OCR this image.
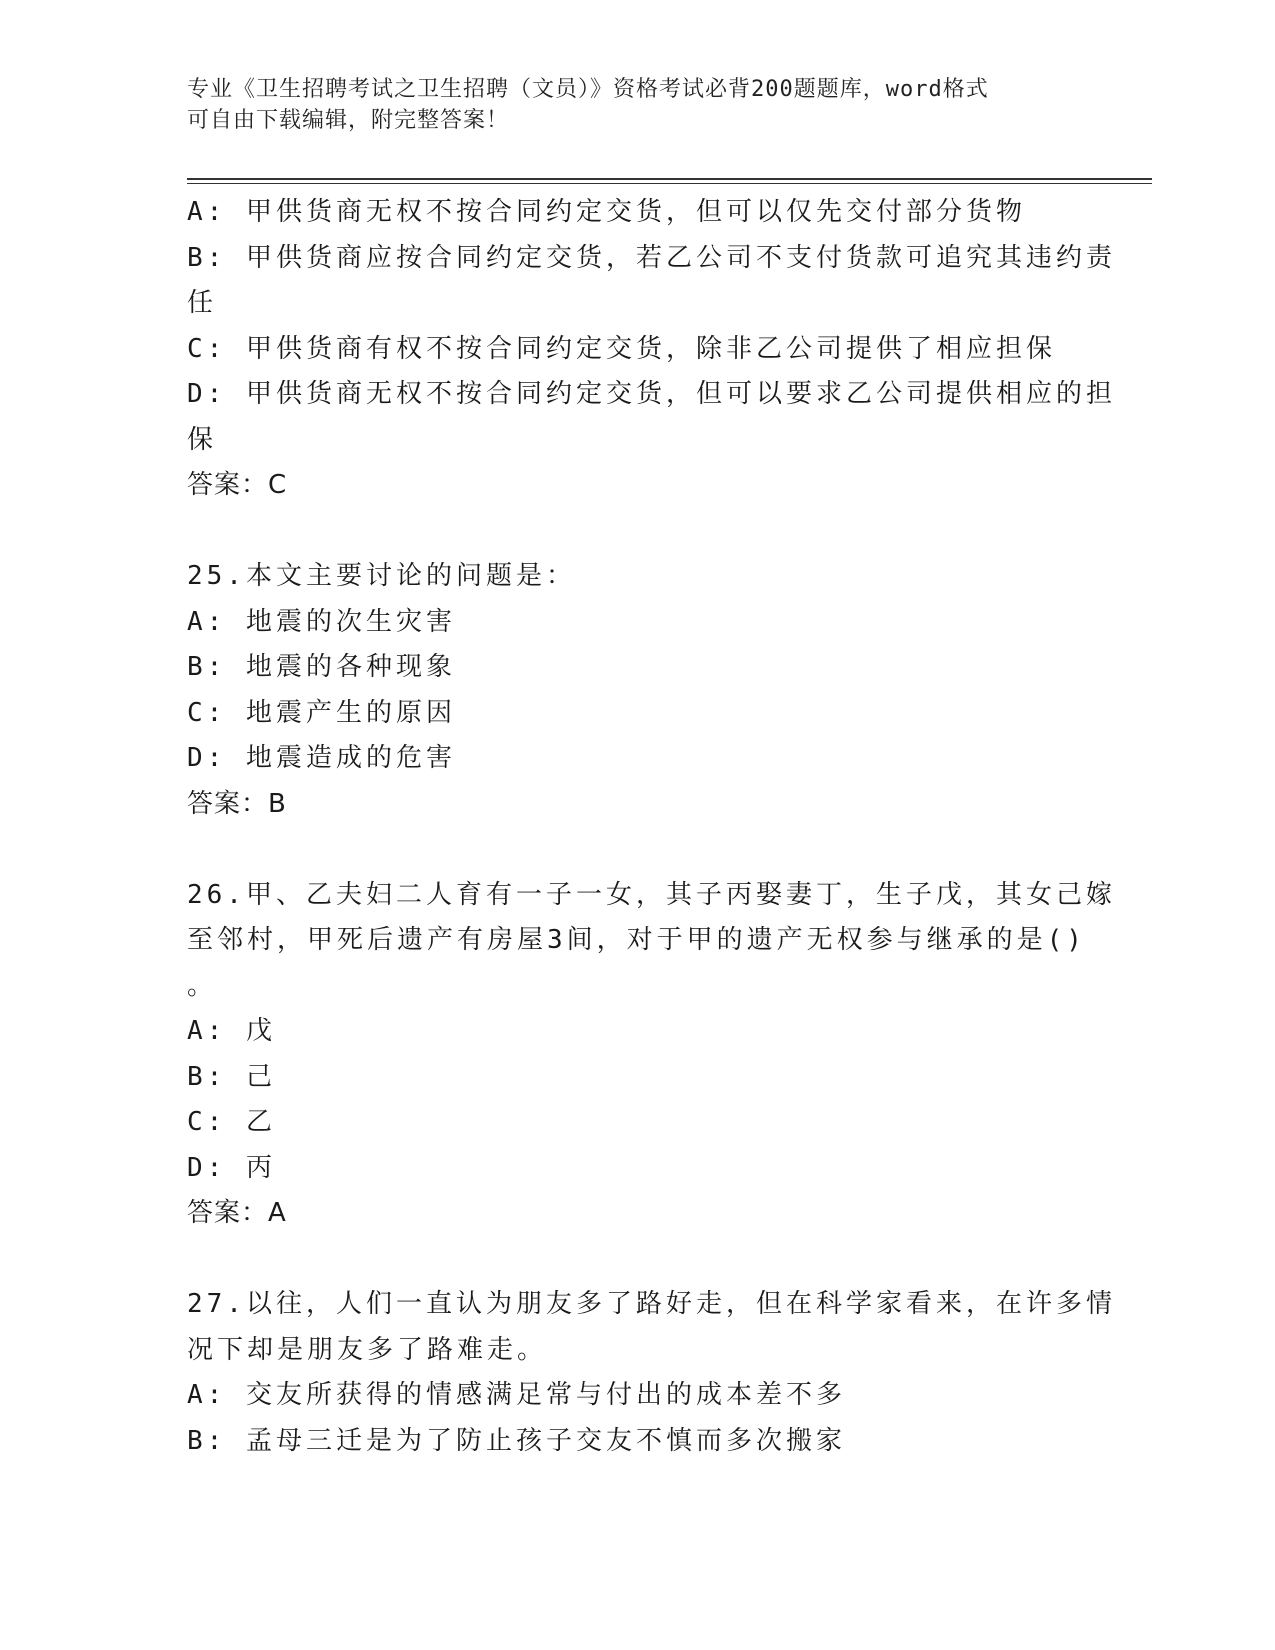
专业《卫生招聘考试之卫生招聘（文员）》资格考试必背200题题库，word格式
可自由下载编辑，附完整答案！
A: 甲供货商无权不按合同约定交货，但可以仅先交付部分货物
B: 甲供货商应按合同约定交货，若乙公司不支付货款可追究其违约责
任
C: 甲供货商有权不按合同约定交货，除非乙公司提供了相应担保
D: 甲供货商无权不按合同约定交货，但可以要求乙公司提供相应的担
保
答案：C
25.本文主要讨论的问题是：
A: 地震的次生灾害
B: 地震的各种现象
C: 地震产生的原因
D: 地震造成的危害
答案：B
26.甲、乙夫妇二人育有一子一女，其子丙娶妻丁，生子戊，其女己嫁
至邻村，甲死后遗产有房屋3间，对于甲的遗产无权参与继承的是()
。
A: 戊
B: 己
C: 乙
D: 丙
答案：A
27.以往，人们一直认为朋友多了路好走，但在科学家看来，在许多情
况下却是朋友多了路难走。
A: 交友所获得的情感满足常与付出的成本差不多
B: 孟母三迁是为了防止孩子交友不慎而多次搬家
